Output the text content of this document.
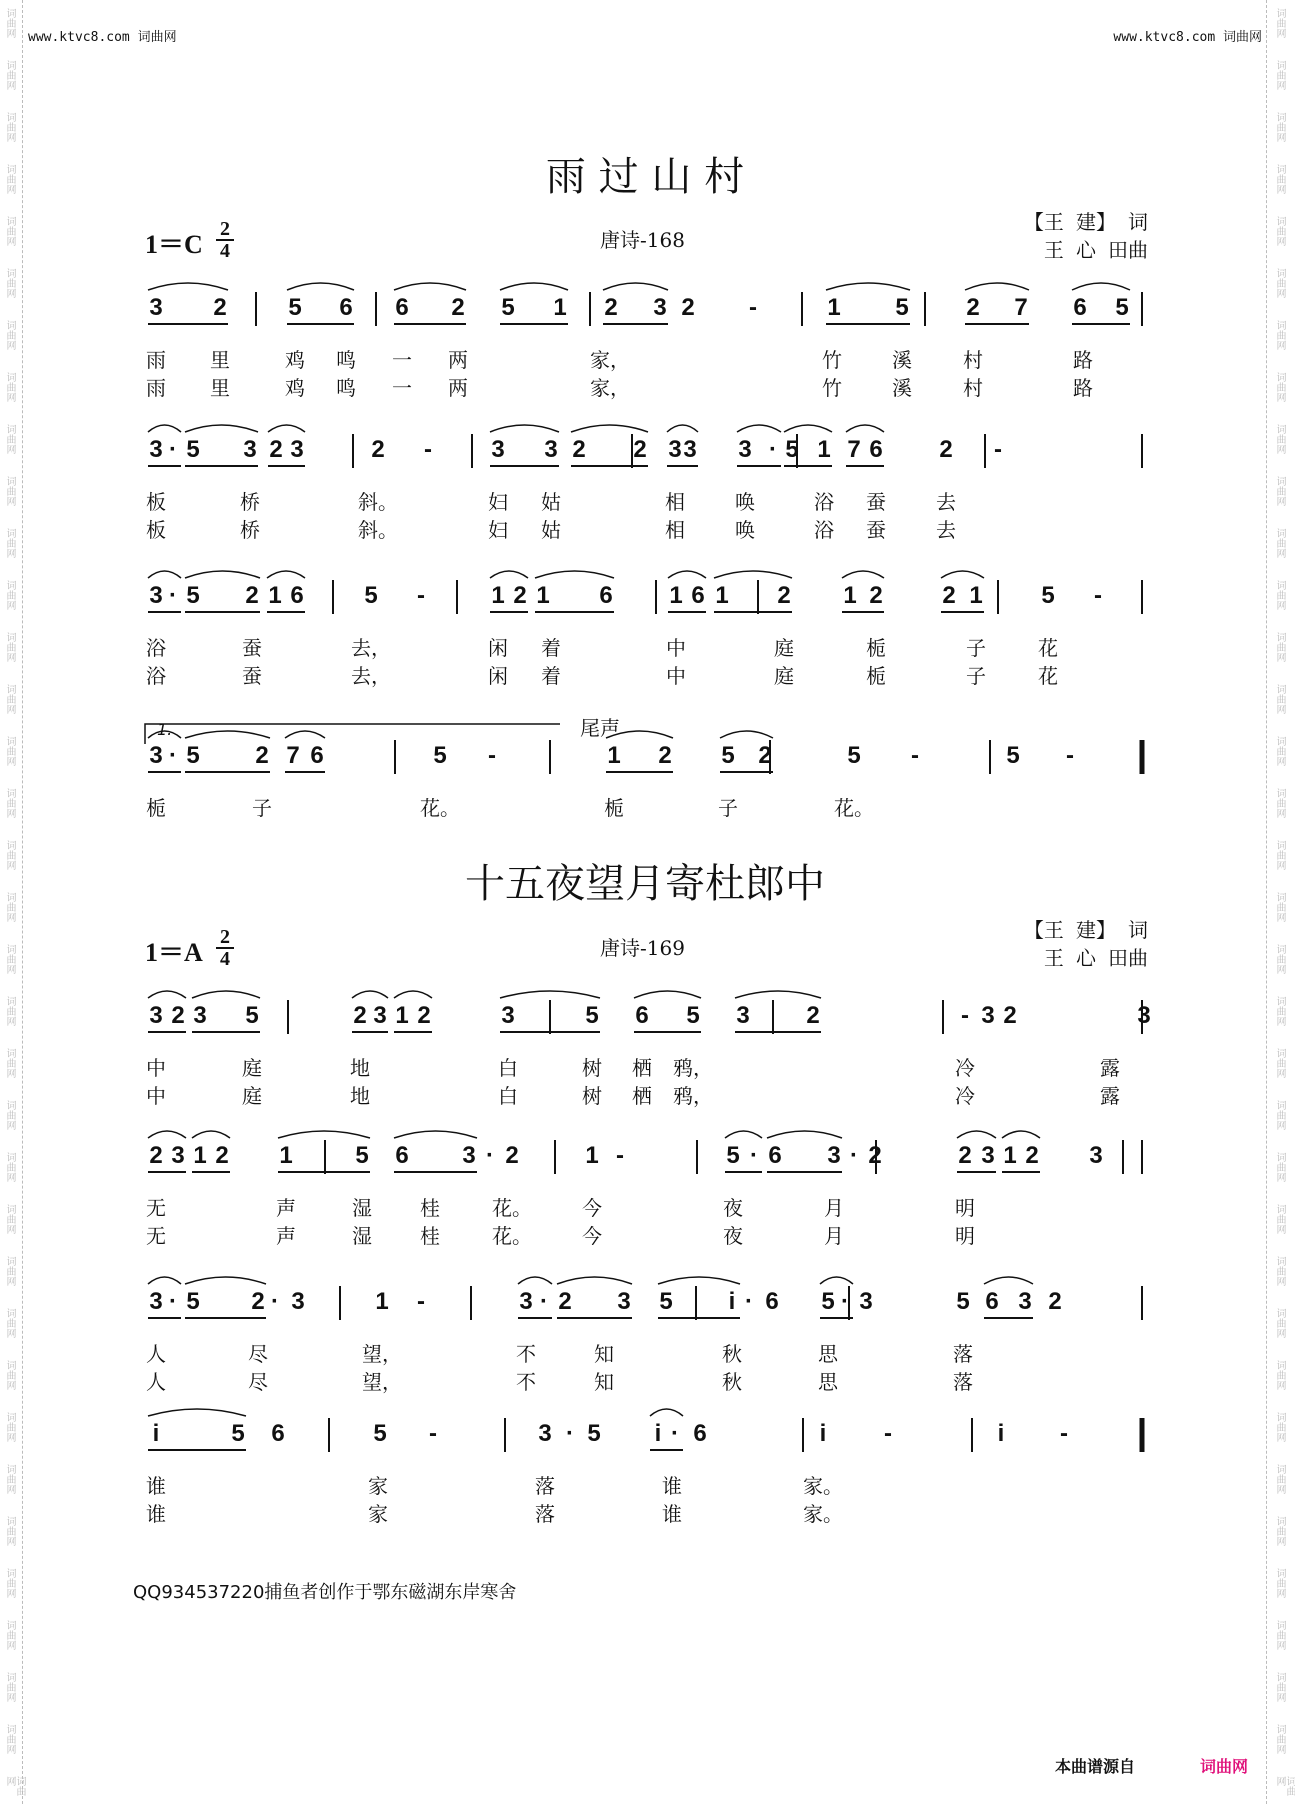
词曲网
词曲网
词曲网
词曲网
词曲网
词曲网
词曲网
词曲网
词曲网
词曲网
词曲网
词曲网
词曲网
词曲网
词曲网
词曲网
词曲网
词曲网
词曲网
词曲网
词曲网
词曲网
词曲网
词曲网
词曲网
词曲网
词曲网
词曲网
词曲网
词曲网
词曲网
词曲网
词曲网
词曲网
词曲网
词曲网
词曲网
词曲网
词曲网
词曲网
词曲网
词曲网
词曲网
词曲网
词曲网
词曲网
词曲网
词曲网
词曲网
词曲网
词曲网
词曲网
词曲网
词曲网
词曲网
词曲网
词曲网
词曲网
词曲网
词曲网
词曲网
词曲网
词曲网
词曲网
词曲网
词曲网
词曲网
词曲网
词曲网
词曲网
www.ktvc8.com 词曲网	www.ktvc8.com 词曲网
雨 过 山 村
1＝C
2
4	唐诗-168
【王 建】 词
王 心 田曲
3 2	5 6 6 2 5 1 2 3 2 -	1 5 2 7 6 5
雨 里	鸡 鸣 一 两	家，	竹	溪	村	路
雨 里	鸡 鸣 一 两	家，	竹	溪	村	路
3 · 5 3 2 3	2 - 3 3 2 2 3 3 3 · 5 1 7 6 2 -
板	桥	斜。	妇 姑	相	唤	浴 蚕	去
板	桥	斜。	妇 姑	相	唤	浴 蚕	去
3 · 5 2 1 6	5 -	1 2 1 6 1 6 1 2 1 2 2 1 5 -
浴	蚕	去，	闲 着	中	庭	栀	子	花
浴	蚕	去，	闲 着	中	庭	栀	子	花
1.	尾声
3 · 5 2 7 6	5 -	1 2 5 2	5 -	5 -
栀	子	花。	栀	子	花。
十五夜望月寄杜郎中
1＝A
2
4	唐诗-169
【王 建】 词
王 心 田曲
3 2 3 5	2 3 1 2	3	5 6 5 3 2	- 3 2	3
中	庭	地	白	树 栖 鸦，	冷	露
中	庭	地	白	树 栖 鸦，	冷	露
2 3 1 2 1	5 6 3 · 2	1 -	5 · 6 3 · 2	2 3 1 2 3
无	声	湿 桂	花。	今	夜	月	明
无	声	湿 桂	花。	今	夜	月	明
3 · 5 2 · 3	1 -	3 · 2 3 5 i · 6 5 · 3	5 6 3 2
人	尽	望，	不	知	秋	思	落
人	尽	望，	不	知	秋	思	落
i	5 6	5 -	3 · 5 i · 6	i -	i -
谁	家	落	谁	家。
谁	家	落	谁	家。
QQ934537220捕鱼者创作于鄂东磁湖东岸寒舍
本曲谱源自	词曲网
